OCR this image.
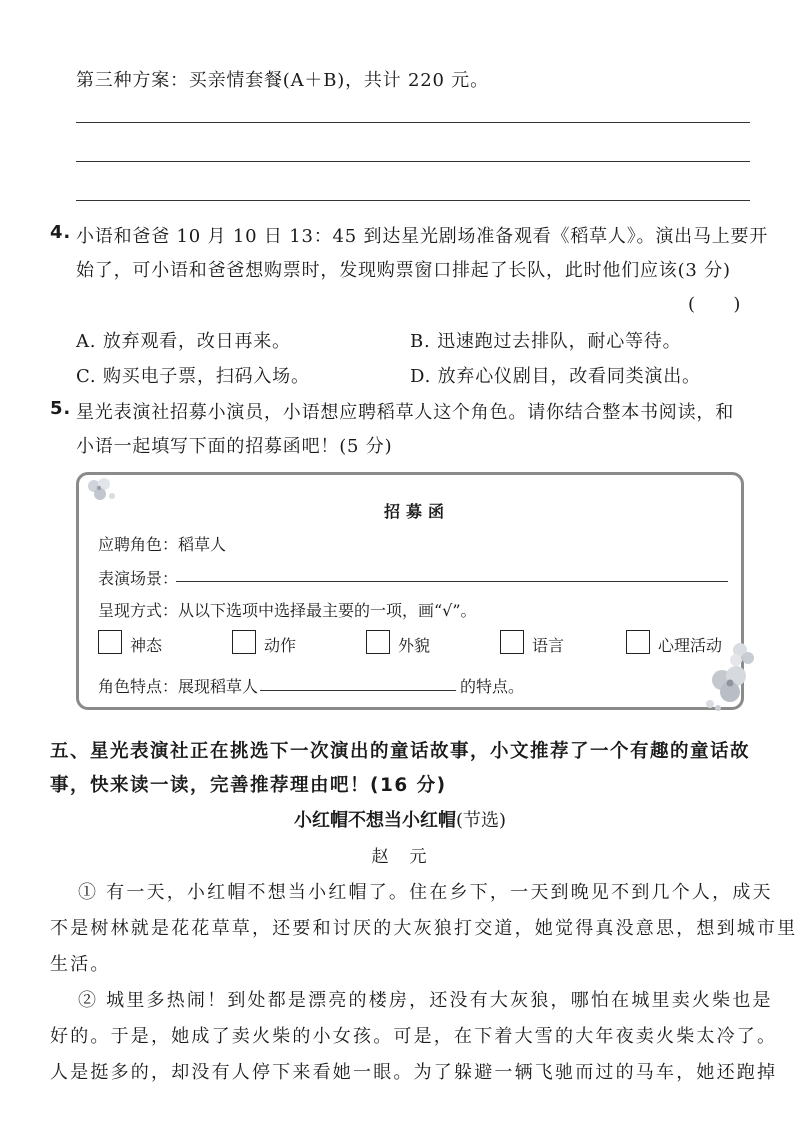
第三种方案：买亲情套餐(A＋B)，共计 220 元。
4. 小语和爸爸 10 月 10 日 13：45 到达星光剧场准备观看《稻草人》。演出马上要开
始了，可小语和爸爸想购票时，发现购票窗口排起了长队，此时他们应该(3 分)
(　　)
A. 放弃观看，改日再来。	B. 迅速跑过去排队，耐心等待。
C. 购买电子票，扫码入场。	D. 放弃心仪剧目，改看同类演出。
5. 星光表演社招募小演员，小语想应聘稻草人这个角色。请你结合整本书阅读，和
小语一起填写下面的招募函吧！(5 分)
招募函
应聘角色：稻草人
表演场景：
呈现方式：从以下选项中选择最主要的一项，画“√”。
神态	动作	外貌	语言	心理活动
角色特点：展现稻草人	的特点。
五、星光表演社正在挑选下一次演出的童话故事，小文推荐了一个有趣的童话故
事，快来读一读，完善推荐理由吧！(16 分)
小红帽不想当小红帽(节选)
赵　元
① 有一天，小红帽不想当小红帽了。住在乡下，一天到晚见不到几个人，成天
不是树林就是花花草草，还要和讨厌的大灰狼打交道，她觉得真没意思，想到城市里
生活。
② 城里多热闹！到处都是漂亮的楼房，还没有大灰狼，哪怕在城里卖火柴也是
好的。于是，她成了卖火柴的小女孩。可是，在下着大雪的大年夜卖火柴太冷了。
人是挺多的，却没有人停下来看她一眼。为了躲避一辆飞驰而过的马车，她还跑掉
